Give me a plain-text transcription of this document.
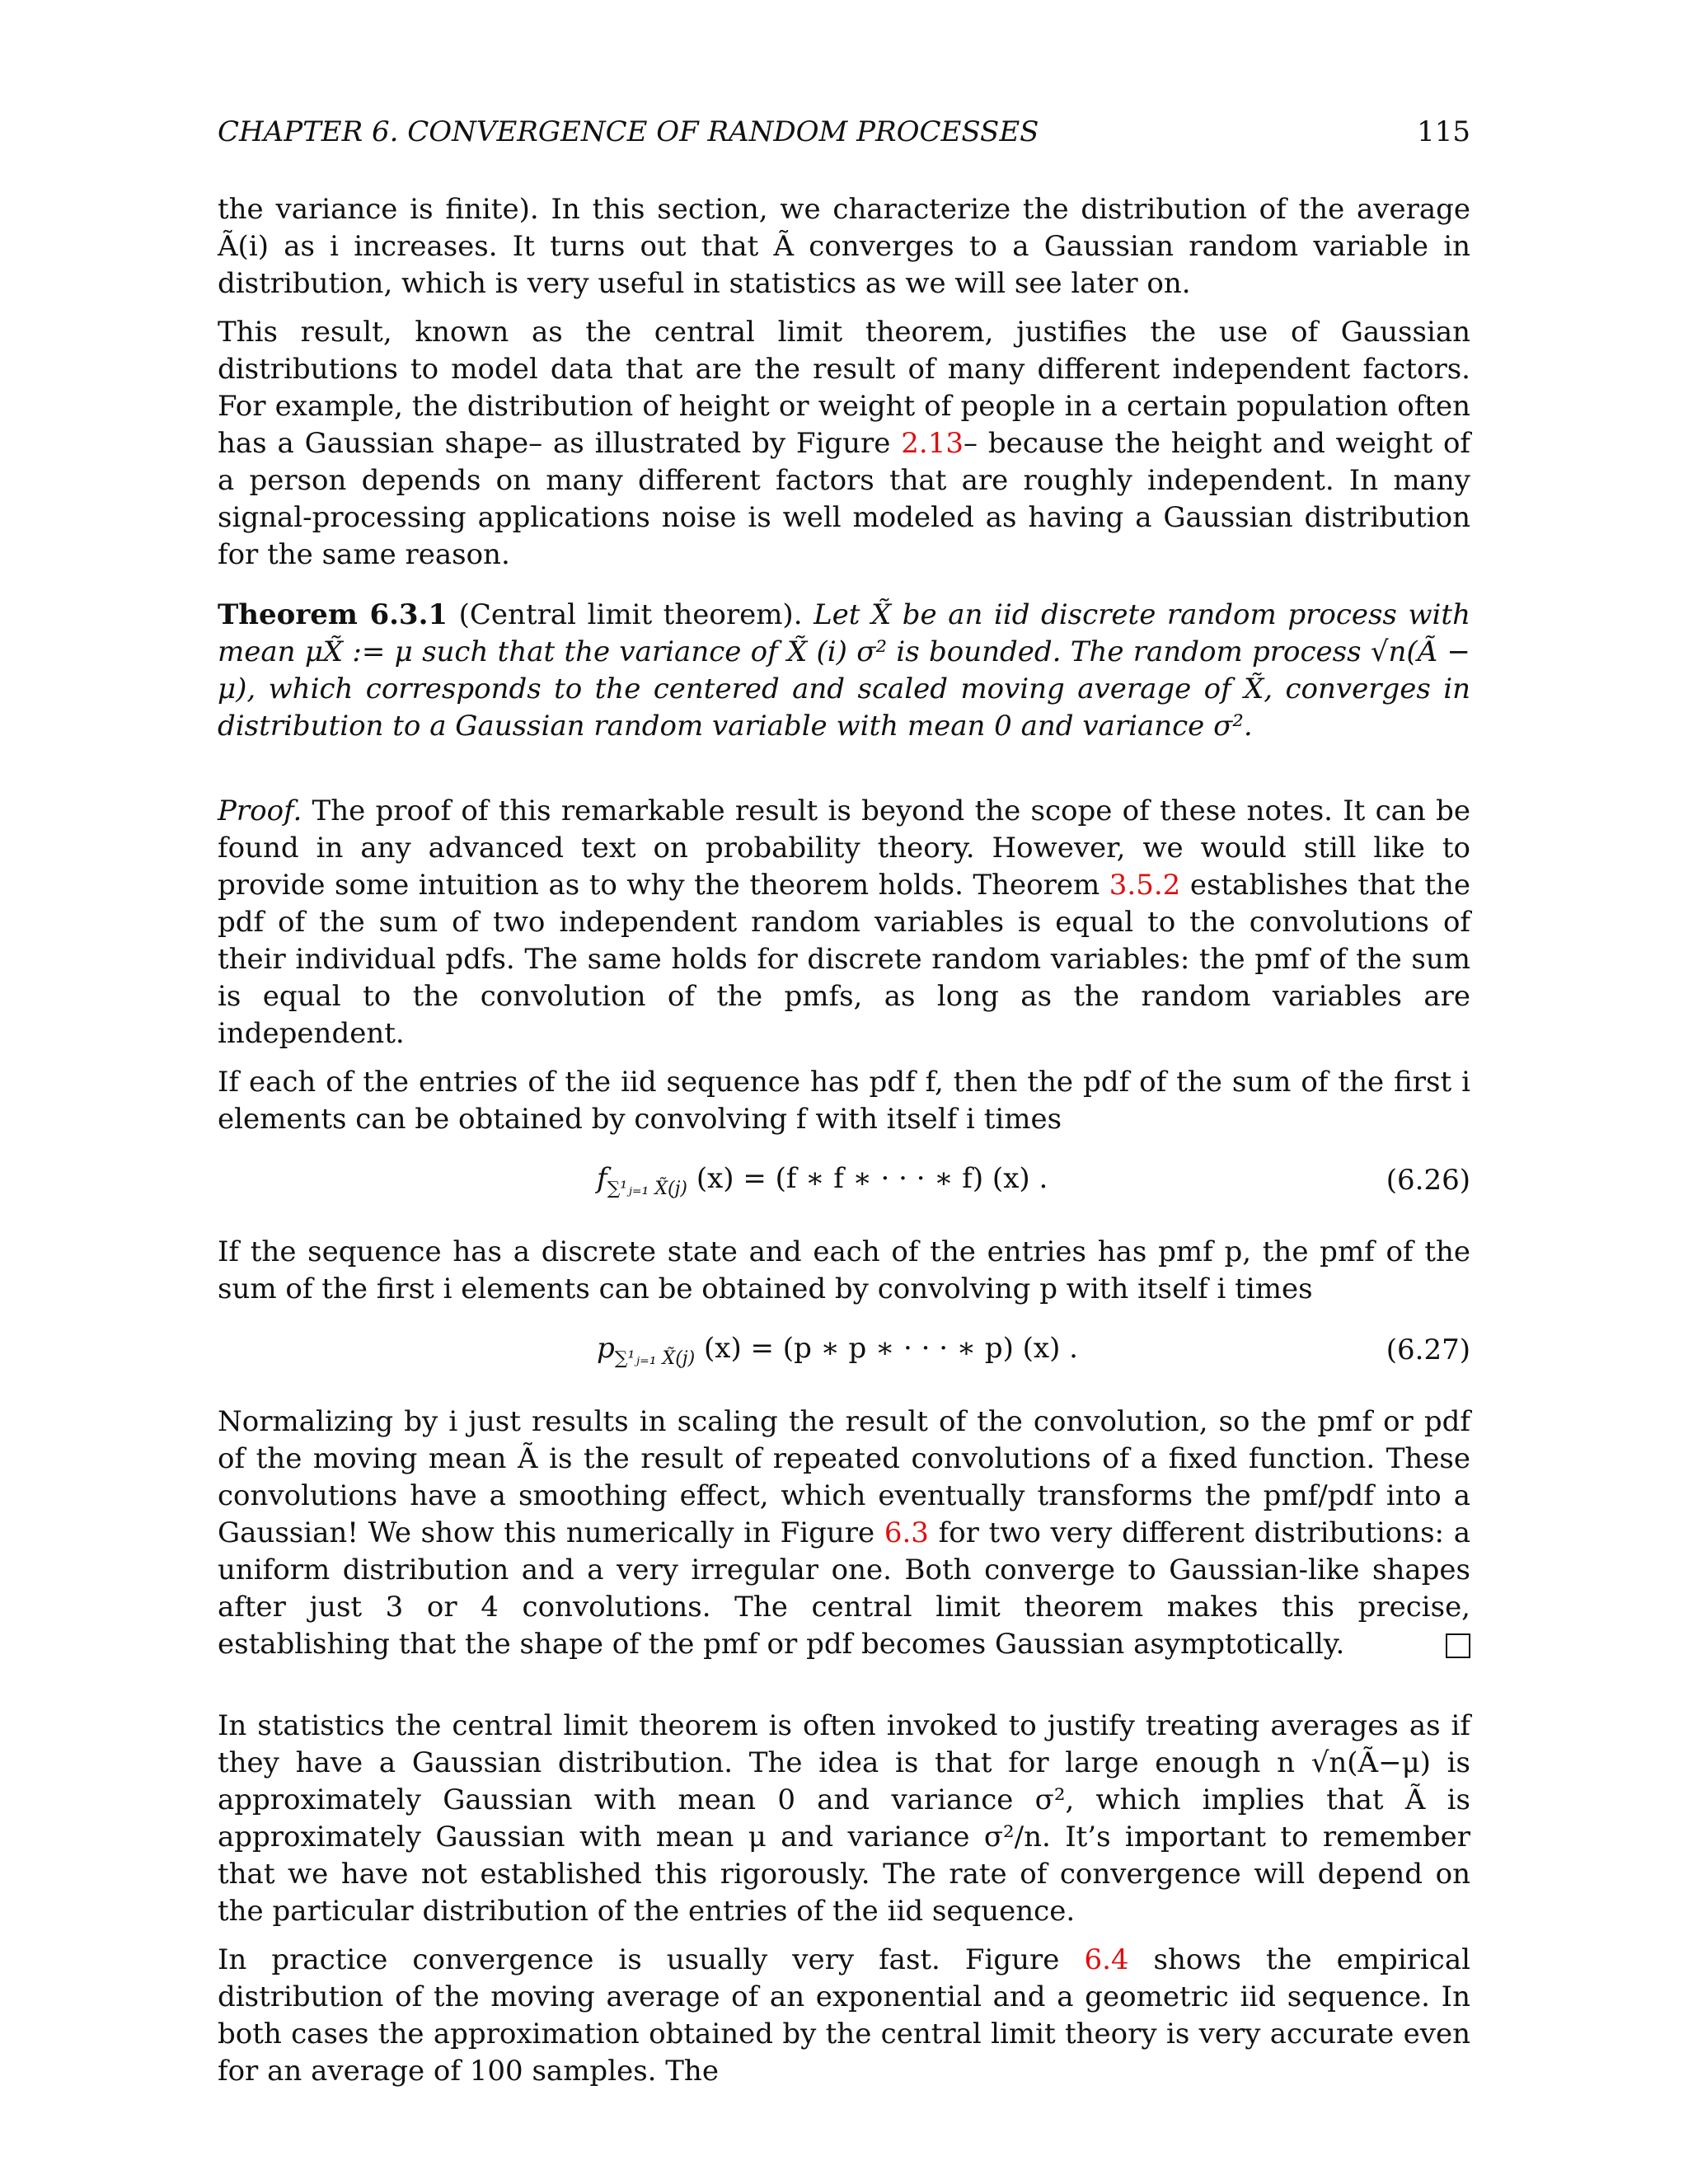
CHAPTER 6. CONVERGENCE OF RANDOM PROCESSES	115

the variance is finite). In this section, we characterize the distribution of the average Ã(i) as i increases. It turns out that Ã converges to a Gaussian random variable in distribution, which is very useful in statistics as we will see later on.

This result, known as the central limit theorem, justifies the use of Gaussian distributions to model data that are the result of many different independent factors. For example, the distribution of height or weight of people in a certain population often has a Gaussian shape– as illustrated by Figure 2.13– because the height and weight of a person depends on many different factors that are roughly independent. In many signal-processing applications noise is well modeled as having a Gaussian distribution for the same reason.

Theorem 6.3.1 (Central limit theorem). Let X̃ be an iid discrete random process with mean μX̃ := μ such that the variance of X̃ (i) σ² is bounded. The random process √n(Ã − μ), which corresponds to the centered and scaled moving average of X̃, converges in distribution to a Gaussian random variable with mean 0 and variance σ².

Proof. The proof of this remarkable result is beyond the scope of these notes. It can be found in any advanced text on probability theory. However, we would still like to provide some intuition as to why the theorem holds. Theorem 3.5.2 establishes that the pdf of the sum of two independent random variables is equal to the convolutions of their individual pdfs. The same holds for discrete random variables: the pmf of the sum is equal to the convolution of the pmfs, as long as the random variables are independent.

If each of the entries of the iid sequence has pdf f, then the pdf of the sum of the first i elements can be obtained by convolving f with itself i times

$f_{\sum^1ⱼ_{=1} X̃(j)}$ (x) = (f ∗ f ∗ · · · ∗ f) (x) .	(6.26)

If the sequence has a discrete state and each of the entries has pmf p, the pmf of the sum of the first i elements can be obtained by convolving p with itself i times

$p_{\sum^1ⱼ_{=1} X̃(j)}$ (x) = (p ∗ p ∗ · · · ∗ p) (x) .	(6.27)

Normalizing by i just results in scaling the result of the convolution, so the pmf or pdf of the moving mean Ã is the result of repeated convolutions of a fixed function. These convolutions have a smoothing effect, which eventually transforms the pmf/pdf into a Gaussian! We show this numerically in Figure 6.3 for two very different distributions: a uniform distribution and a very irregular one. Both converge to Gaussian-like shapes after just 3 or 4 convolutions. The central limit theorem makes this precise, establishing that the shape of the pmf or pdf becomes Gaussian asymptotically.

In statistics the central limit theorem is often invoked to justify treating averages as if they have a Gaussian distribution. The idea is that for large enough n √n(Ã−μ) is approximately Gaussian with mean 0 and variance σ², which implies that Ã is approximately Gaussian with mean μ and variance σ²/n. It’s important to remember that we have not established this rigorously. The rate of convergence will depend on the particular distribution of the entries of the iid sequence.

In practice convergence is usually very fast. Figure 6.4 shows the empirical distribution of the moving average of an exponential and a geometric iid sequence. In both cases the approximation obtained by the central limit theory is very accurate even for an average of 100 samples. The
